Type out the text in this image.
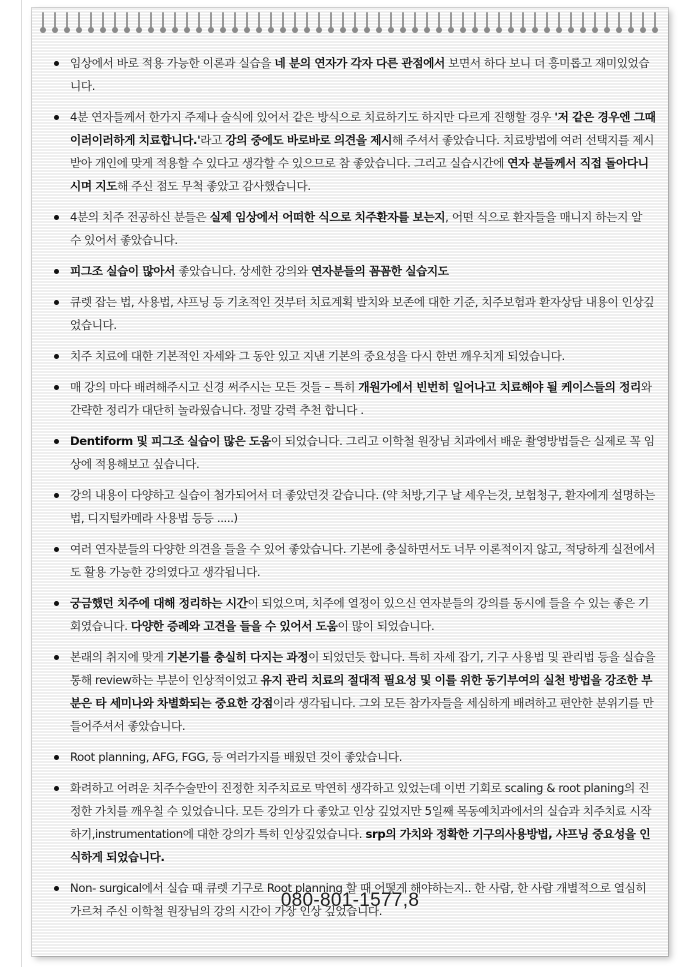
임상에서 바로 적용 가능한 이론과 실습을 네 분의 연자가 각자 다른 관점에서 보면서 하다 보니 더 흥미롭고 재미있었습니다.
4분 연자들께서 한가지 주제나 술식에 있어서 같은 방식으로 치료하기도 하지만 다르게 진행할 경우 '저 같은 경우엔 그때 이러이러하게 치료합니다.'라고 강의 중에도 바로바로 의견을 제시해 주셔서 좋았습니다. 치료방법에 여러 선택지를 제시 받아 개인에 맞게 적용할 수 있다고 생각할 수 있으므로 참 좋았습니다. 그리고 실습시간에 연자 분들께서 직접 돌아다니시며 지도해 주신 점도 무척 좋았고 감사했습니다.
4분의 치주 전공하신 분들은 실제 임상에서 어떠한 식으로 치주환자를 보는지, 어떤 식으로 환자들을 매니지 하는지 알 수 있어서 좋았습니다.
피그조 실습이 많아서 좋았습니다. 상세한 강의와 연자분들의 꼼꼼한 실습지도
큐렛 잡는 법, 사용법, 샤프닝 등 기초적인 것부터 치료계획 발치와 보존에 대한 기준, 치주보험과 환자상담 내용이 인상깊었습니다.
치주 치료에 대한 기본적인 자세와 그 동안 있고 지낸 기본의 중요성을 다시 한번 깨우치게 되었습니다.
매 강의 마다 배려해주시고 신경 써주시는 모든 것들 – 특히 개원가에서 빈번히 일어나고 치료해야 될 케이스들의 정리와 간략한 정리가 대단히 놀라웠습니다. 정말 강력 추천 합니다 .
Dentiform 및 피그조 실습이 많은 도움이 되었습니다. 그리고 이학철 원장님 치과에서 배운 촬영방법들은 실제로 꼭 임상에 적용해보고 싶습니다.
강의 내용이 다양하고 실습이 첨가되어서 더 좋았던것 같습니다. (약 처방,기구 날 세우는것, 보험청구, 환자에게 설명하는 법, 디지털카메라 사용법 등등 .....)
여러 연자분들의 다양한 의견을 들을 수 있어 좋았습니다. 기본에 충실하면서도 너무 이론적이지 않고, 적당하게 실전에서도 활용 가능한 강의였다고 생각됩니다.
궁금했던 치주에 대해 정리하는 시간이 되었으며, 치주에 열정이 있으신 연자분들의 강의를 동시에 들을 수 있는 좋은 기회였습니다. 다양한 증례와 고견을 들을 수 있어서 도움이 많이 되었습니다.
본래의 취지에 맞게 기본기를 충실히 다지는 과정이 되었던듯 합니다. 특히 자세 잡기, 기구 사용법 및 관리법 등을 실습을 통해 review하는 부분이 인상적이었고 유지 관리 치료의 절대적 필요성 및 이를 위한 동기부여의 실천 방법을 강조한 부분은 타 세미나와 차별화되는 중요한 강점이라 생각됩니다. 그외 모든 참가자들을 세심하게 배려하고 편안한 분위기를 만들어주셔서 좋았습니다.
Root planning, AFG, FGG, 등 여러가지를 배웠던 것이 좋았습니다.
화려하고 어려운 치주수술만이 진정한 치주치료로 막연히 생각하고 있었는데 이번 기회로 scaling & root planing의 진정한 가치를 깨우칠 수 있었습니다. 모든 강의가 다 좋았고 인상 깊었지만 5일째 목동예치과에서의 실습과 치주치료 시작하기,instrumentation에 대한 강의가 특히 인상깊었습니다. srp의 가치와 정확한 기구의사용방법, 샤프닝 중요성을 인식하게 되었습니다.
Non- surgical에서 실습 때 큐렛 기구로 Root planning 할 때 어떻게 해야하는지.. 한 사람, 한 사람 개별적으로 열심히 가르쳐 주신 이학철 원장님의 강의 시간이 가장 인상 깊었습니다.
080-801-1577,8
